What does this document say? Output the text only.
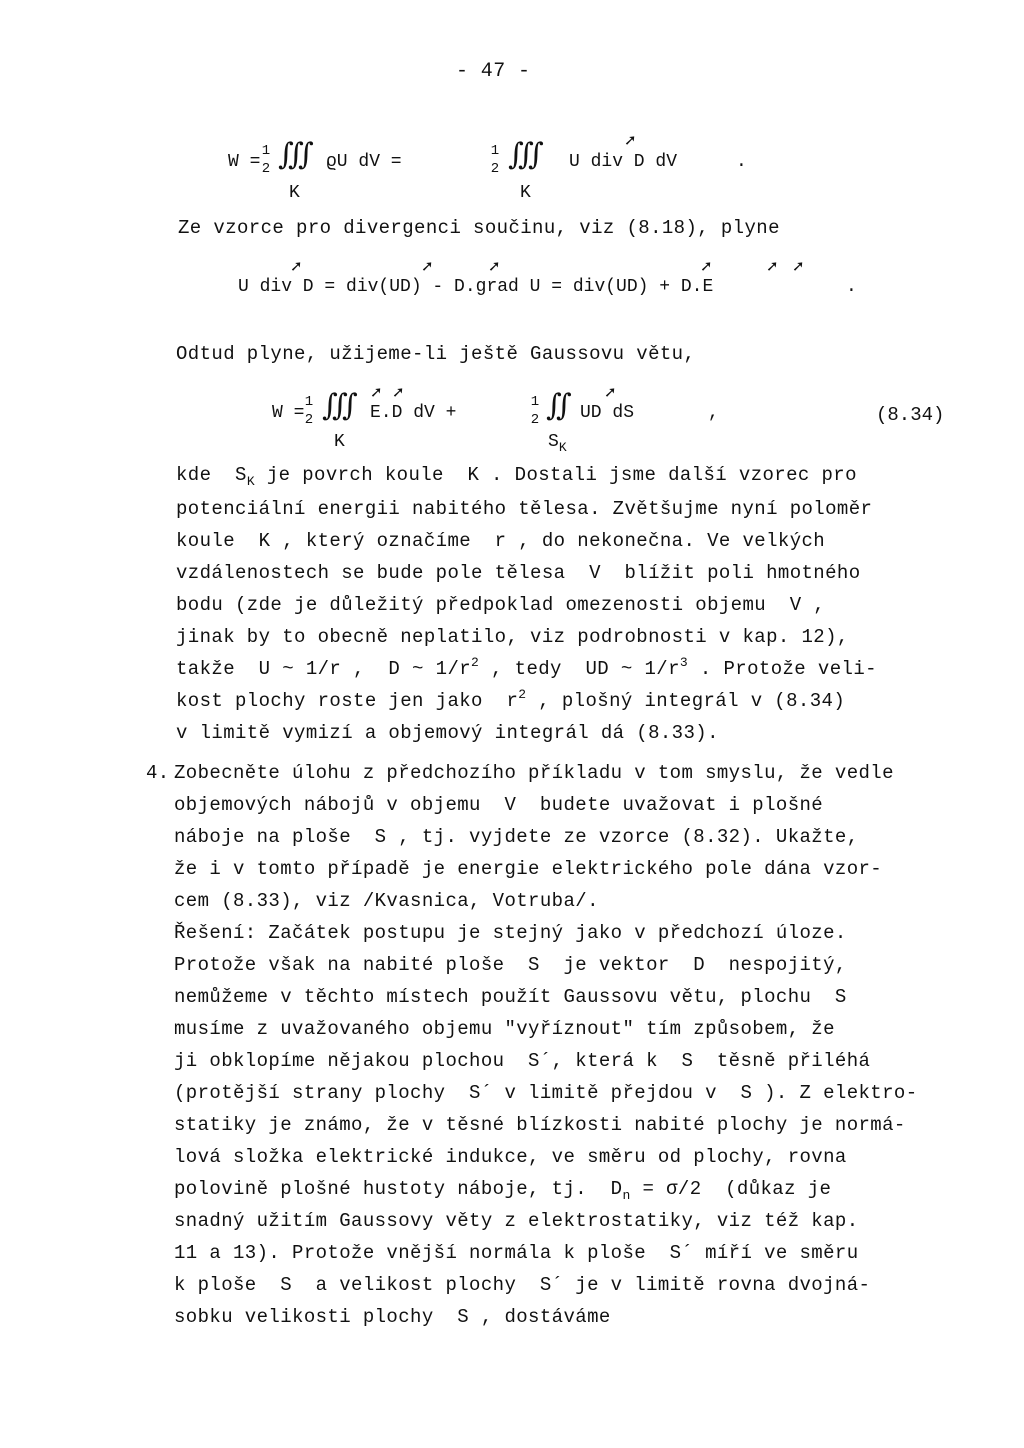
- 47 -
W =
1
2 ∭ ϱU dV =
1
2 ∭ U div D dV
➚
.
K	K
Ze vzorce pro divergenci součinu, viz (8.18), plyne
➚	➚	➚	➚	➚ ➚
U div D = div(UD) - D.grad U = div(UD) + D.E	.
Odtud plyne, užijeme-li ještě Gaussovu větu,
W =
1
2 ∭ ➚ ➚
E.D dV +
1
2 ∬ ➚
UD dS	,	(8.34)
K	$S_K$
kde  $S_K$ je povrch koule  K . Dostali jsme další vzorec pro
potenciální energii nabitého tělesa. Zvětšujme nyní poloměr
koule  K , který označíme  r , do nekonečna. Ve velkých
vzdálenostech se bude pole tělesa  V  blížit poli hmotného
bodu (zde je důležitý předpoklad omezenosti objemu  V ,
jinak by to obecně neplatilo, viz podrobnosti v kap. 12),
takže  U ~ 1/r ,  D ~ $1/r^2$ , tedy  UD ~ $1/r^3$ . Protože veli-
kost plochy roste jen jako  $r^2$ , plošný integrál v (8.34)
v limitě vymizí a objemový integrál dá (8.33).
4. Zobecněte úlohu z předchozího příkladu v tom smyslu, že vedle
objemových nábojů v objemu  V  budete uvažovat i plošné
náboje na ploše  S , tj. vyjdete ze vzorce (8.32). Ukažte,
že i v tomto případě je energie elektrického pole dána vzor-
cem (8.33), viz /Kvasnica, Votruba/.
Řešení: Začátek postupu je stejný jako v předchozí úloze.
Protože však na nabité ploše  S  je vektor  D  nespojitý,
nemůžeme v těchto místech použít Gaussovu větu, plochu  S
musíme z uvažovaného objemu "vyříznout" tím způsobem, že
ji obklopíme nějakou plochou  S´, která k  S  těsně přiléhá
(protější strany plochy  S´ v limitě přejdou v  S ). Z elektro-
statiky je známo, že v těsné blízkosti nabité plochy je normá-
lová složka elektrické indukce, ve směru od plochy, rovna
polovině plošné hustoty náboje, tj.  $D_n = \sigma/2$  (důkaz je
snadný užitím Gaussovy věty z elektrostatiky, viz též kap.
11 a 13). Protože vnější normála k ploše  S´ míří ve směru
k ploše  S  a velikost plochy  S´ je v limitě rovna dvojná-
sobku velikosti plochy  S , dostáváme
